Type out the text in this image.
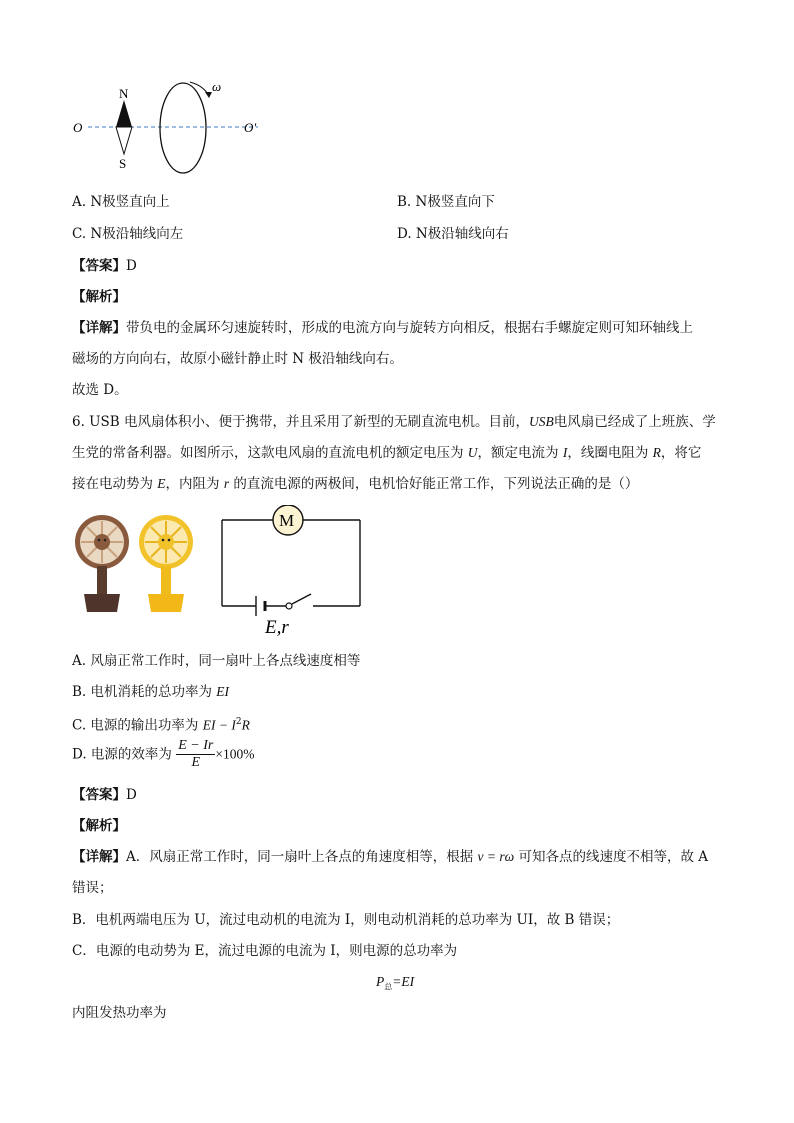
O	O'
N
S
ω
A. N极竖直向上	B. N极竖直向下
C. N极沿轴线向左	D. N极沿轴线向右
【答案】D
【解析】
【详解】带负电的金属环匀速旋转时，形成的电流方向与旋转方向相反，根据右手螺旋定则可知环轴线上
磁场的方向向右，故原小磁针静止时 N 极沿轴线向右。
故选 D。
6. USB 电风扇体积小、便于携带，并且采用了新型的无刷直流电机。目前，USB电风扇已经成了上班族、学
生党的常备利器。如图所示，这款电风扇的直流电机的额定电压为 U，额定电流为 I，线圈电阻为 R，将它
接在电动势为 E，内阻为 r 的直流电源的两极间，电机恰好能正常工作，下列说法正确的是（）
M
E,r
A. 风扇正常工作时，同一扇叶上各点线速度相等
B. 电机消耗的总功率为 EI
C. 电源的输出功率为 EI − $I^2R$
D. 电源的效率为 $\frac{E - Ir}{E} \times 100\%$
【答案】D
【解析】
【详解】A．风扇正常工作时，同一扇叶上各点的角速度相等，根据 v = rω 可知各点的线速度不相等，故 A
错误；
B．电机两端电压为 U，流过电动机的电流为 I，则电动机消耗的总功率为 UI，故 B 错误；
C．电源的电动势为 E，流过电源的电流为 I，则电源的总功率为
$P_总=EI$
内阻发热功率为
